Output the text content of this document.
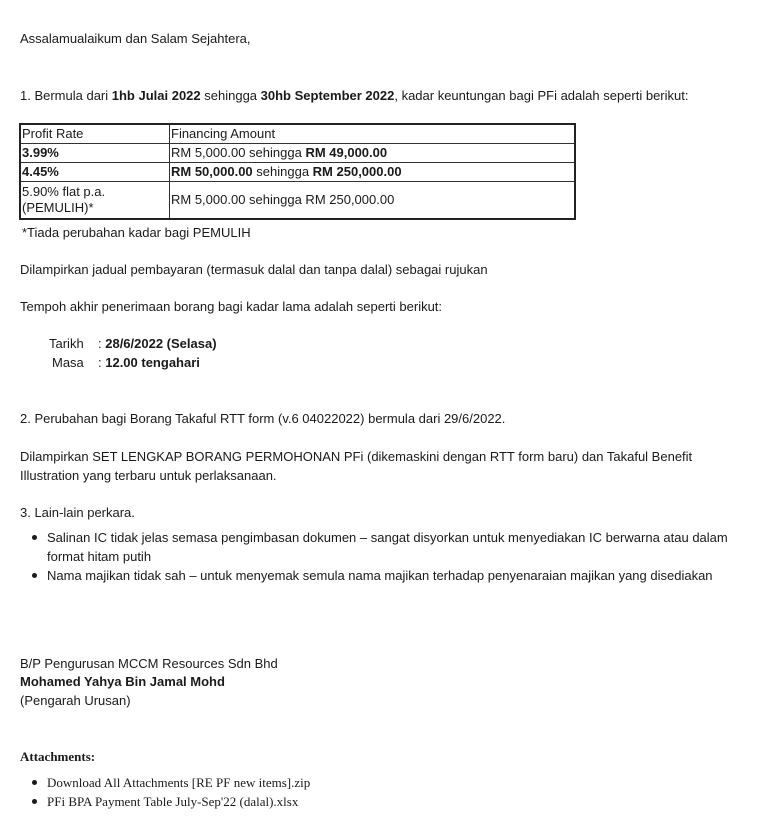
Assalamualaikum dan Salam Sejahtera,

1. Bermula dari 1hb Julai 2022 sehingga 30hb September 2022, kadar keuntungan bagi PFi adalah seperti berikut:

Profit Rate	Financing Amount
3.99%	RM 5,000.00 sehingga RM 49,000.00
4.45%	RM 50,000.00 sehingga RM 250,000.00
5.90% flat p.a.
(PEMULIH)*	RM 5,000.00 sehingga RM 250,000.00

*Tiada perubahan kadar bagi PEMULIH

Dilampirkan jadual pembayaran (termasuk dalal dan tanpa dalal) sebagai rujukan

Tempoh akhir penerimaan borang bagi kadar lama adalah seperti berikut:

Tarikh : 28/6/2022 (Selasa)

Masa : 12.00 tengahari

2. Perubahan bagi Borang Takaful RTT form (v.6 04022022) bermula dari 29/6/2022.

Dilampirkan SET LENGKAP BORANG PERMOHONAN PFi (dikemaskini dengan RTT form baru) dan Takaful Benefit

Illustration yang terbaru untuk perlaksanaan.

3. Lain-lain perkara.

Salinan IC tidak jelas semasa pengimbasan dokumen – sangat disyorkan untuk menyediakan IC berwarna atau dalam
format hitam putih
Nama majikan tidak sah – untuk menyemak semula nama majikan terhadap penyenaraian majikan yang disediakan

B/P Pengurusan MCCM Resources Sdn Bhd

Mohamed Yahya Bin Jamal Mohd

(Pengarah Urusan)

Attachments:
Download All Attachments [RE PF new items].zip
PFi BPA Payment Table July-Sep'22 (dalal).xlsx
